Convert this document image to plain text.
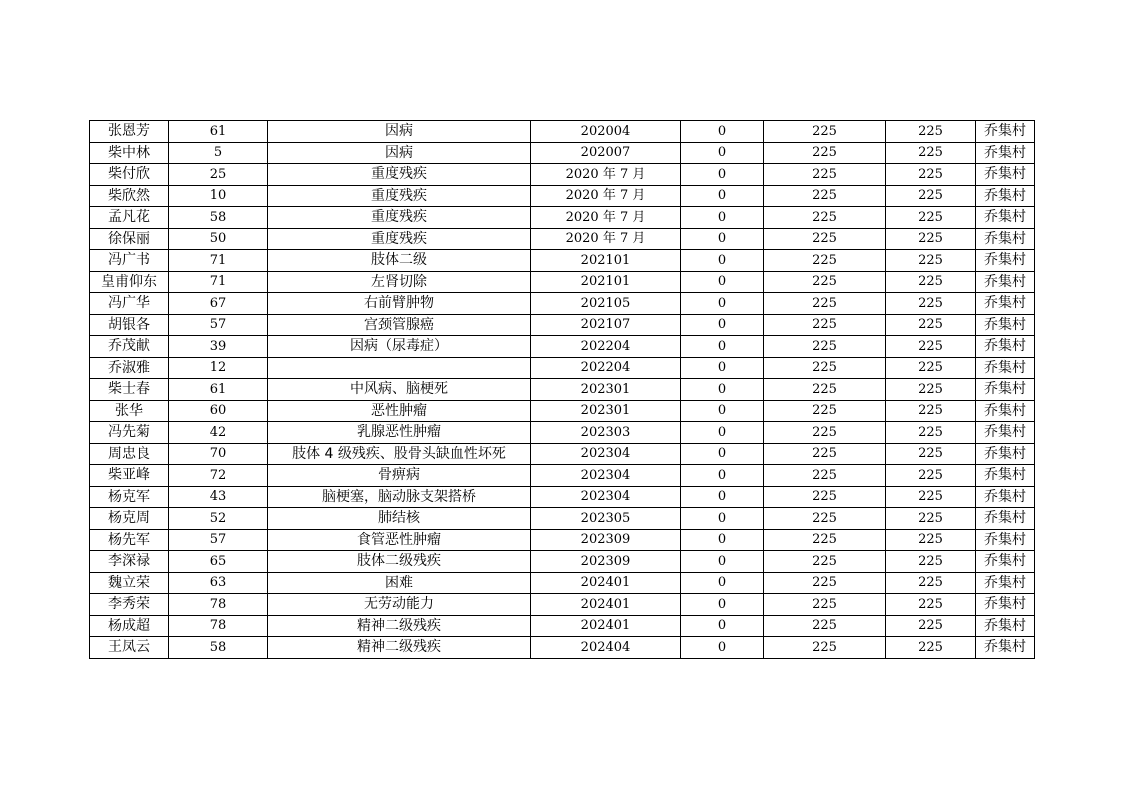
张恩芳	61	因病	202004	0	225	225	乔集村
柴中林	5	因病	202007	0	225	225	乔集村
柴付欣	25	重度残疾	2020 年 7 月	0	225	225	乔集村
柴欣然	10	重度残疾	2020 年 7 月	0	225	225	乔集村
孟凡花	58	重度残疾	2020 年 7 月	0	225	225	乔集村
徐保丽	50	重度残疾	2020 年 7 月	0	225	225	乔集村
冯广书	71	肢体二级	202101	0	225	225	乔集村
皇甫仰东	71	左肾切除	202101	0	225	225	乔集村
冯广华	67	右前臂肿物	202105	0	225	225	乔集村
胡银各	57	宫颈管腺癌	202107	0	225	225	乔集村
乔茂献	39	因病（尿毒症）	202204	0	225	225	乔集村
乔淑雅	12		202204	0	225	225	乔集村
柴士春	61	中风病、脑梗死	202301	0	225	225	乔集村
张华	60	恶性肿瘤	202301	0	225	225	乔集村
冯先菊	42	乳腺恶性肿瘤	202303	0	225	225	乔集村
周忠良	70	肢体 4 级残疾、股骨头缺血性坏死	202304	0	225	225	乔集村
柴亚峰	72	骨痹病	202304	0	225	225	乔集村
杨克军	43	脑梗塞，脑动脉支架搭桥	202304	0	225	225	乔集村
杨克周	52	肺结核	202305	0	225	225	乔集村
杨先军	57	食管恶性肿瘤	202309	0	225	225	乔集村
李深禄	65	肢体二级残疾	202309	0	225	225	乔集村
魏立荣	63	困难	202401	0	225	225	乔集村
李秀荣	78	无劳动能力	202401	0	225	225	乔集村
杨成超	78	精神二级残疾	202401	0	225	225	乔集村
王凤云	58	精神二级残疾	202404	0	225	225	乔集村
